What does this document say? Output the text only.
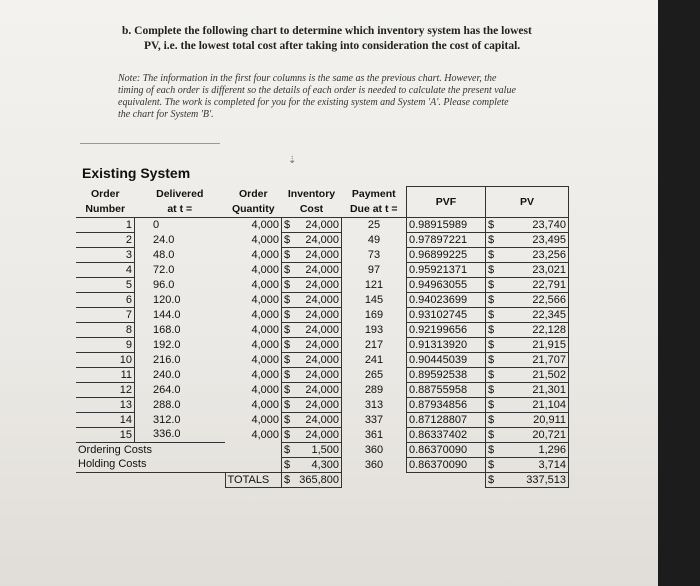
b. Complete the following chart to determine which inventory system has the lowest
PV, i.e. the lowest total cost after taking into consideration the cost of capital.
Note: The information in the first four columns is the same as the previous chart. However, the
timing of each order is different so the details of each order is needed to calculate the present value
equivalent. The work is completed for you for the existing system and System 'A'. Please complete
the chart for System 'B'.
⇣
Existing System
Order	Delivered	Order	Inventory	Payment	PVF	PV
Number	at t =	Quantity	Cost	Due at t =		
1	0	4,000	$ 24,000	25	0.98915989	$ 23,740

2	24.0	4,000	$ 24,000	49	0.97897221	$ 23,495

3	48.0	4,000	$ 24,000	73	0.96899225	$ 23,256

4	72.0	4,000	$ 24,000	97	0.95921371	$ 23,021

5	96.0	4,000	$ 24,000	121	0.94963055	$ 22,791

6	120.0	4,000	$ 24,000	145	0.94023699	$ 22,566

7	144.0	4,000	$ 24,000	169	0.93102745	$ 22,345

8	168.0	4,000	$ 24,000	193	0.92199656	$ 22,128

9	192.0	4,000	$ 24,000	217	0.91313920	$ 21,915

10	216.0	4,000	$ 24,000	241	0.90445039	$ 21,707

11	240.0	4,000	$ 24,000	265	0.89592538	$ 21,502

12	264.0	4,000	$ 24,000	289	0.88755958	$ 21,301

13	288.0	4,000	$ 24,000	313	0.87934856	$ 21,104

14	312.0	4,000	$ 24,000	337	0.87128807	$ 20,911

15	336.0	4,000	$ 24,000	361	0.86337402	$ 20,721

Ordering Costs			$ 1,500	360	0.86370090	$ 1,296

Holding Costs			$ 4,300	360	0.86370090	$ 3,714

		TOTALS	$ 365,800			$ 337,513
